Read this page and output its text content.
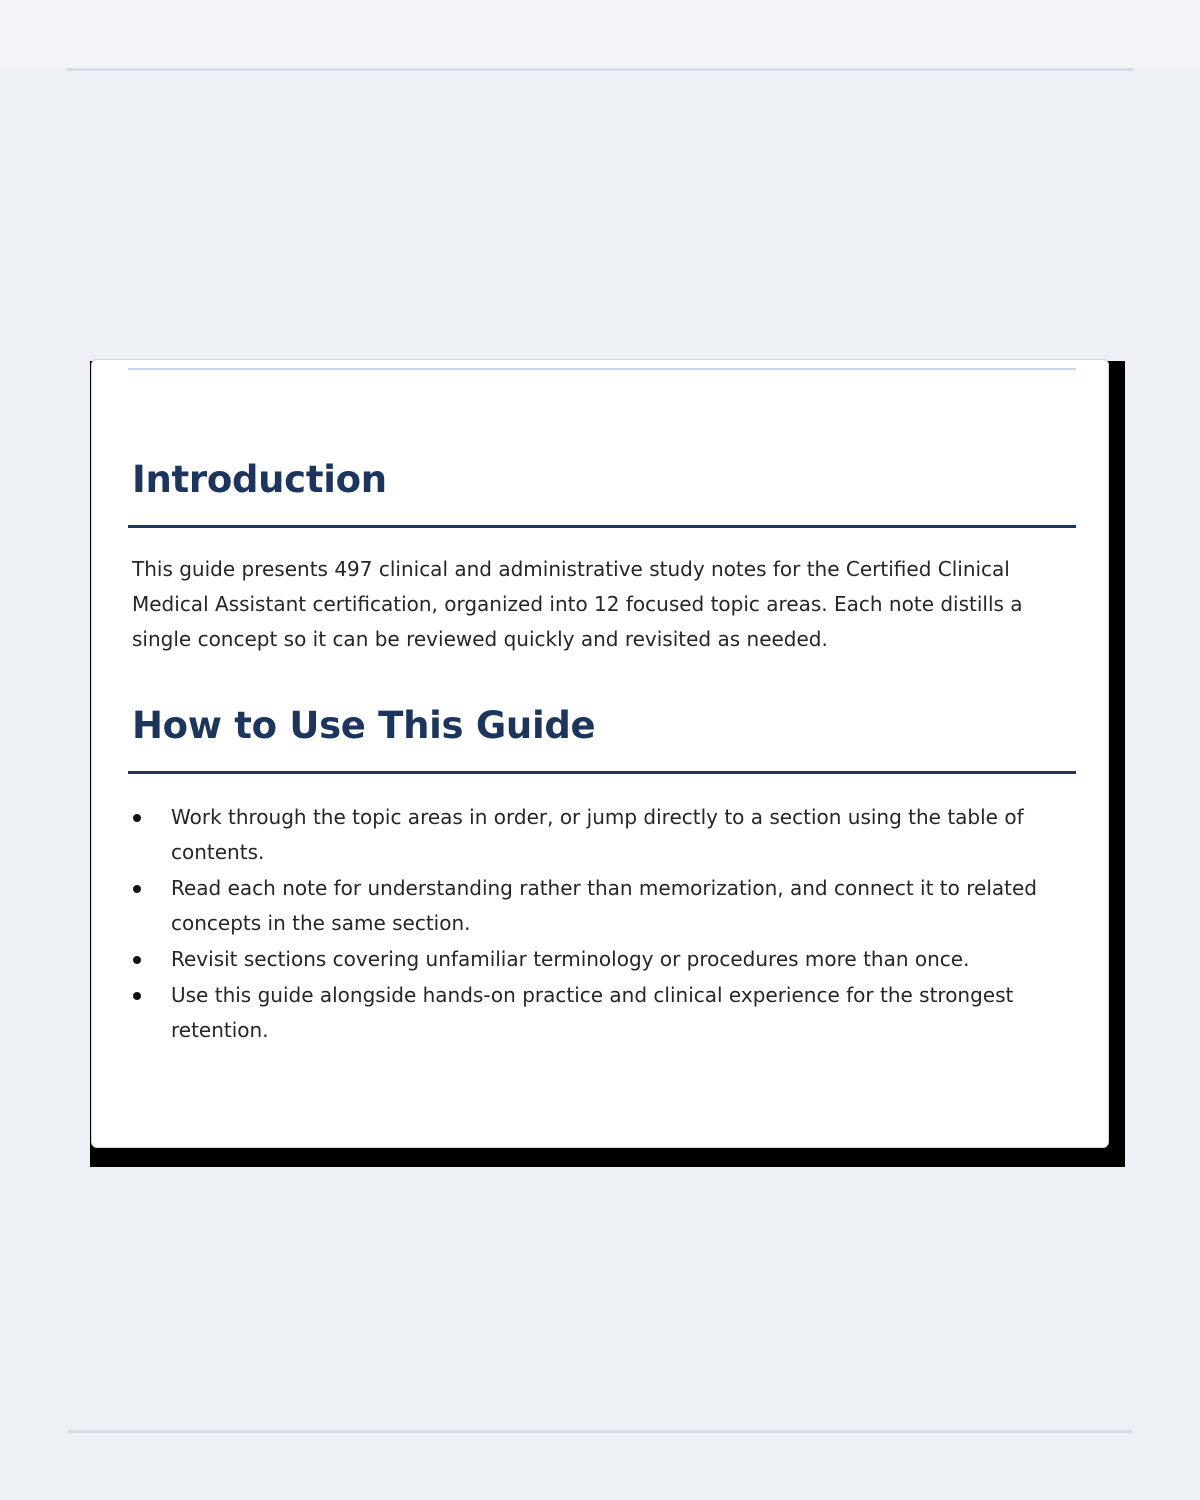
Introduction

This guide presents 497 clinical and administrative study notes for the Certified Clinical Medical Assistant certification, organized into 12 focused topic areas. Each note distills a single concept so it can be reviewed quickly and revisited as needed.

How to Use This Guide
Work through the topic areas in order, or jump directly to a section using the table of contents.
Read each note for understanding rather than memorization, and connect it to related concepts in the same section.
Revisit sections covering unfamiliar terminology or procedures more than once.
Use this guide alongside hands-on practice and clinical experience for the strongest retention.
